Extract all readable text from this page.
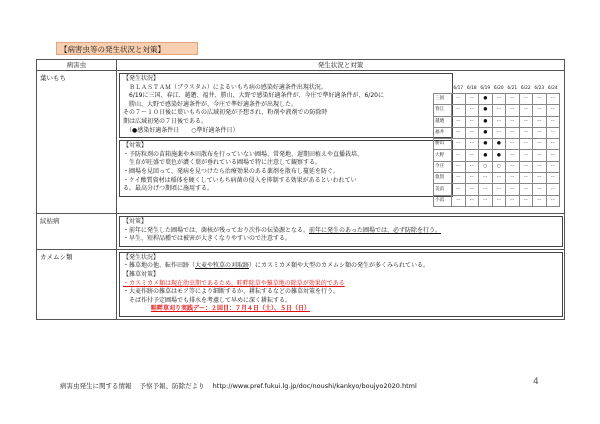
【病害虫等の発生状況と対策】
病害虫	発生状況と対策
葉いもち	【発生状況】
　ＢＬＡＳＴＡＭ（ブラスタム）によるいもち病の感染好適条件出現状況。
　6/19に三国、春江、越廼、福井、勝山、大野で感染好適条件が、今庄で準好適条件が、6/20に
　勝山、大野で感染好適条件が、今庄で準好適条件が出現した。
その７～１０日後に葉いもちの広域初発が予想され、粉剤や液剤での防除時
期は広域初発の７日後である。
　（●感染好適条件日　　○準好適条件日）
【対策】
・予防粒剤の苗箱施薬や本田散布を行っていない圃場、常発地、遅期田植えや直播栽培、
　生育が旺盛で葉色が濃く葉が垂れている圃場で特に注意して観察する。
・圃場を見回って、発病を見つけたら治療効果のある薬剤を散布し蔓延を防ぐ。
・ケイ酸質資材は稲体を硬くしていもち病菌の侵入を抑制する効果があるといわれてい
る。最高分げつ期頃に施用する。
	6/17	6/18	6/19	6/20	6/21	6/22	6/23	6/24
三国	ー	ー	●	ー	ー	ー	ー	ー
春江	ー	ー	●	ー	ー	ー	ー	ー
越廼	ー	ー	●	ー	ー	ー	ー	ー
福井	ー	ー	●	ー	ー	ー	ー	ー
勝山	ー	ー	●	●	ー	ー	ー	ー
大野	ー	ー	●	●	ー	ー	ー	ー
今庄	ー	ー	○	○	ー	ー	ー	ー
敦賀	ー	ー	ー	ー	ー	ー	ー	ー
美浜	ー	ー	ー	ー	ー	ー	ー	ー
小浜	ー	ー	ー	ー	ー	ー	ー	ー

紋枯病	【対策】
・前年に発生した圃場では、菌核が残っており次作の伝染源となる。前年に発生のあった圃場では、必ず防除を行う。
・早生、短稈品種では被害が大きくなりやすいので注意する。

カメムシ類	【発生状況】
・雑草地の他、転作田跡（大麦や牧草の刈取跡）にカスミカメ類や大型のカメムシ類の発生が多くみられている。
【雑草対策】
・カスミカメ類は現在幼虫期であるため、畦畔除草や雑草地の除草が効果的である
・大麦作跡の雑草はモア等により細断するか、耕耘するなどの雑草対策を行う。
　そば作付予定圃場でも排水を考慮して早めに深く耕耘する。
畦畔草刈り実践デー：２回目：７月４日（土）、５日（日）
病害虫発生に関する情報 予察予報、防除だより http://www.pref.fukui.lg.jp/doc/noushi/kankyo/boujyo2020.html	4
